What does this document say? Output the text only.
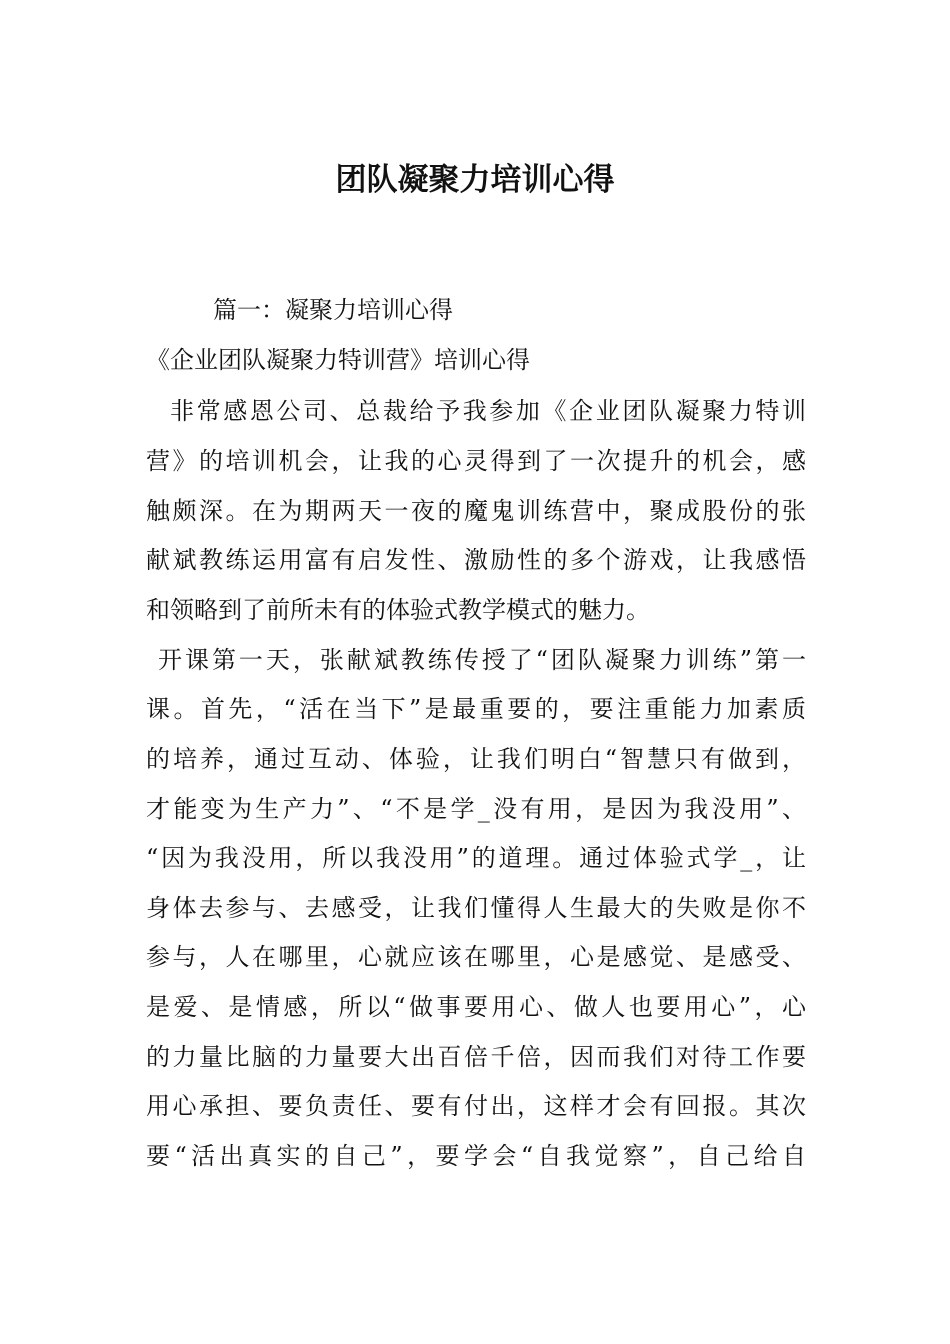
团队凝聚力培训心得

篇一：凝聚力培训心得

《企业团队凝聚力特训营》培训心得

非常感恩公司、总裁给予我参加《企业团队凝聚力特训

营》的培训机会，让我的心灵得到了一次提升的机会，感

触颇深。在为期两天一夜的魔鬼训练营中，聚成股份的张

献斌教练运用富有启发性、激励性的多个游戏，让我感悟

和领略到了前所未有的体验式教学模式的魅力。

开课第一天，张献斌教练传授了“团队凝聚力训练”第一

课。首先，“活在当下”是最重要的，要注重能力加素质

的培养，通过互动、体验，让我们明白“智慧只有做到，

才能变为生产力”、“不是学_没有用，是因为我没用”、

“因为我没用，所以我没用”的道理。通过体验式学_，让

身体去参与、去感受，让我们懂得人生最大的失败是你不

参与，人在哪里，心就应该在哪里，心是感觉、是感受、

是爱、是情感，所以“做事要用心、做人也要用心”，心

的力量比脑的力量要大出百倍千倍，因而我们对待工作要

用心承担、要负责任、要有付出，这样才会有回报。其次

要“活出真实的自己”，要学会“自我觉察”，自己给自
